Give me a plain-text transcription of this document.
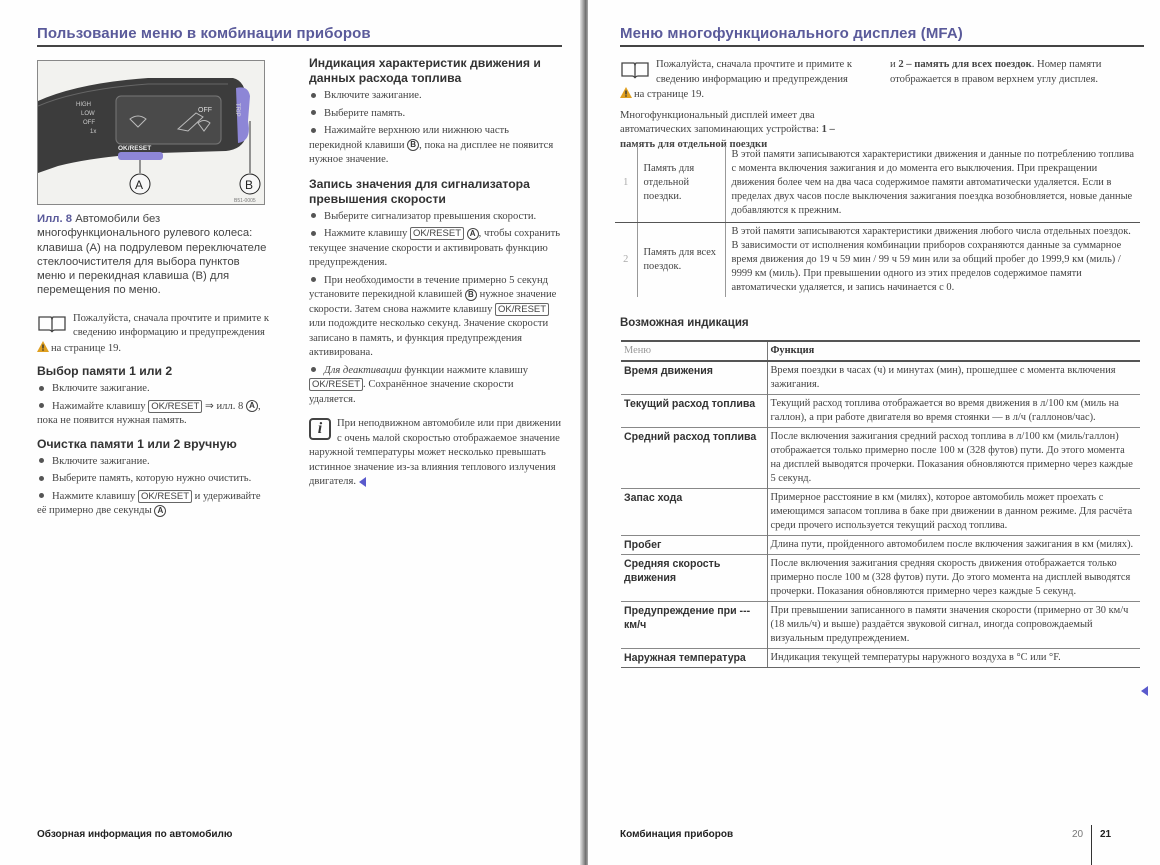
Пользование меню в комбинации приборов
HIGH
LOW
OFF
1x
OFF
OK/RESET
TRIP
A	B
B51-0005
Илл. 8 Автомобили без многофункционального рулевого колеса: клавиша (A) на подрулевом переключателе стеклоочистителя для выбора пунктов меню и перекидная клавиша (B) для перемещения по меню.
Пожалуйста, сначала прочтите и примите к сведению информацию и предупреждения
на странице 19.
Выбор памяти 1 или 2
Включите зажигание.
Нажимайте клавишу OK/RESET ⇒ илл. 8 A , пока не появится нужная память.
Очистка памяти 1 или 2 вручную
Включите зажигание.
Выберите память, которую нужно очистить.
Нажмите клавишу OK/RESET и удерживайте её примерно две секунды A
Индикация характеристик движения и данных расхода топлива
Включите зажигание.
Выберите память.
Нажимайте верхнюю или нижнюю часть перекидной клавиши B , пока на дисплее не появится нужное значение.
Запись значения для сигнализатора превышения скорости
Выберите сигнализатор превышения скорости.
Нажмите клавишу OK/RESET A , чтобы сохранить текущее значение скорости и активировать функцию предупреждения.
При необходимости в течение примерно 5 секунд установите перекидной клавишей B нужное значение скорости. Затем снова нажмите клавишу OK/RESET или подождите несколько секунд. Значение скорости записано в память, и функция предупреждения активирована.
Для деактивации функции нажмите клавишу OK/RESET . Сохранённое значение скорости удаляется.
i	При неподвижном автомобиле или при движении с очень малой скоростью отображаемое значение наружной температуры может несколько превышать истинное значение из-за влияния теплового излучения двигателя.
Обзорная информация по автомобилю
Меню многофункционального дисплея (MFA)
Пожалуйста, сначала прочтите и примите к сведению информацию и предупреждения
на странице 19.
Многофункциональный дисплей имеет два автоматических запоминающих устройства: 1 – память для отдельной поездки
и 2 – память для всех поездок. Номер памяти отображается в правом верхнем углу дисплея.
1	Память для отдельной поездки.	В этой памяти записываются характеристики движения и данные по потреблению топлива с момента включения зажигания и до момента его выключения. При прекращении движения более чем на два часа содержимое памяти автоматически удаляется. Если в пределах двух часов после выключения зажигания поездка возобновляется, новые данные добавляются к прежним.
2	Память для всех поездок.	В этой памяти записываются характеристики движения любого числа отдельных поездок. В зависимости от исполнения комбинации приборов сохраняются данные за суммарное время движения до 19 ч 59 мин / 99 ч 59 мин или за общий пробег до 1999,9 км (миль) / 9999 км (миль). При превышении одного из этих пределов содержимое памяти автоматически удаляется, и запись начинается с 0.
Возможная индикация
Меню	Функция
Время движения	Время поездки в часах (ч) и минутах (мин), прошедшее с момента включения зажигания.
Текущий расход топлива	Текущий расход топлива отображается во время движения в л/100 км (миль на галлон), а при работе двигателя во время стоянки — в л/ч (галлонов/час).
Средний расход топлива	После включения зажигания средний расход топлива в л/100 км (миль/галлон) отображается только примерно после 100 м (328 футов) пути. До этого момента на дисплей выводятся прочерки. Показания обновляются примерно через каждые 5 секунд.
Запас хода	Примерное расстояние в км (милях), которое автомобиль может проехать с имеющимся запасом топлива в баке при движении в данном режиме. Для расчёта среди прочего используется текущий расход топлива.
Пробег	Длина пути, пройденного автомобилем после включения зажигания в км (милях).
Средняя скорость движения	После включения зажигания средняя скорость движения отображается только примерно после 100 м (328 футов) пути. До этого момента на дисплей выводятся прочерки. Показания обновляются примерно через каждые 5 секунд.
Предупреждение при --- км/ч	При превышении записанного в памяти значения скорости (примерно от 30 км/ч (18 миль/ч) и выше) раздаётся звуковой сигнал, иногда сопровождаемый визуальным предупреждением.
Наружная температура	Индикация текущей температуры наружного воздуха в °C или °F.
Комбинация приборов	20 21
